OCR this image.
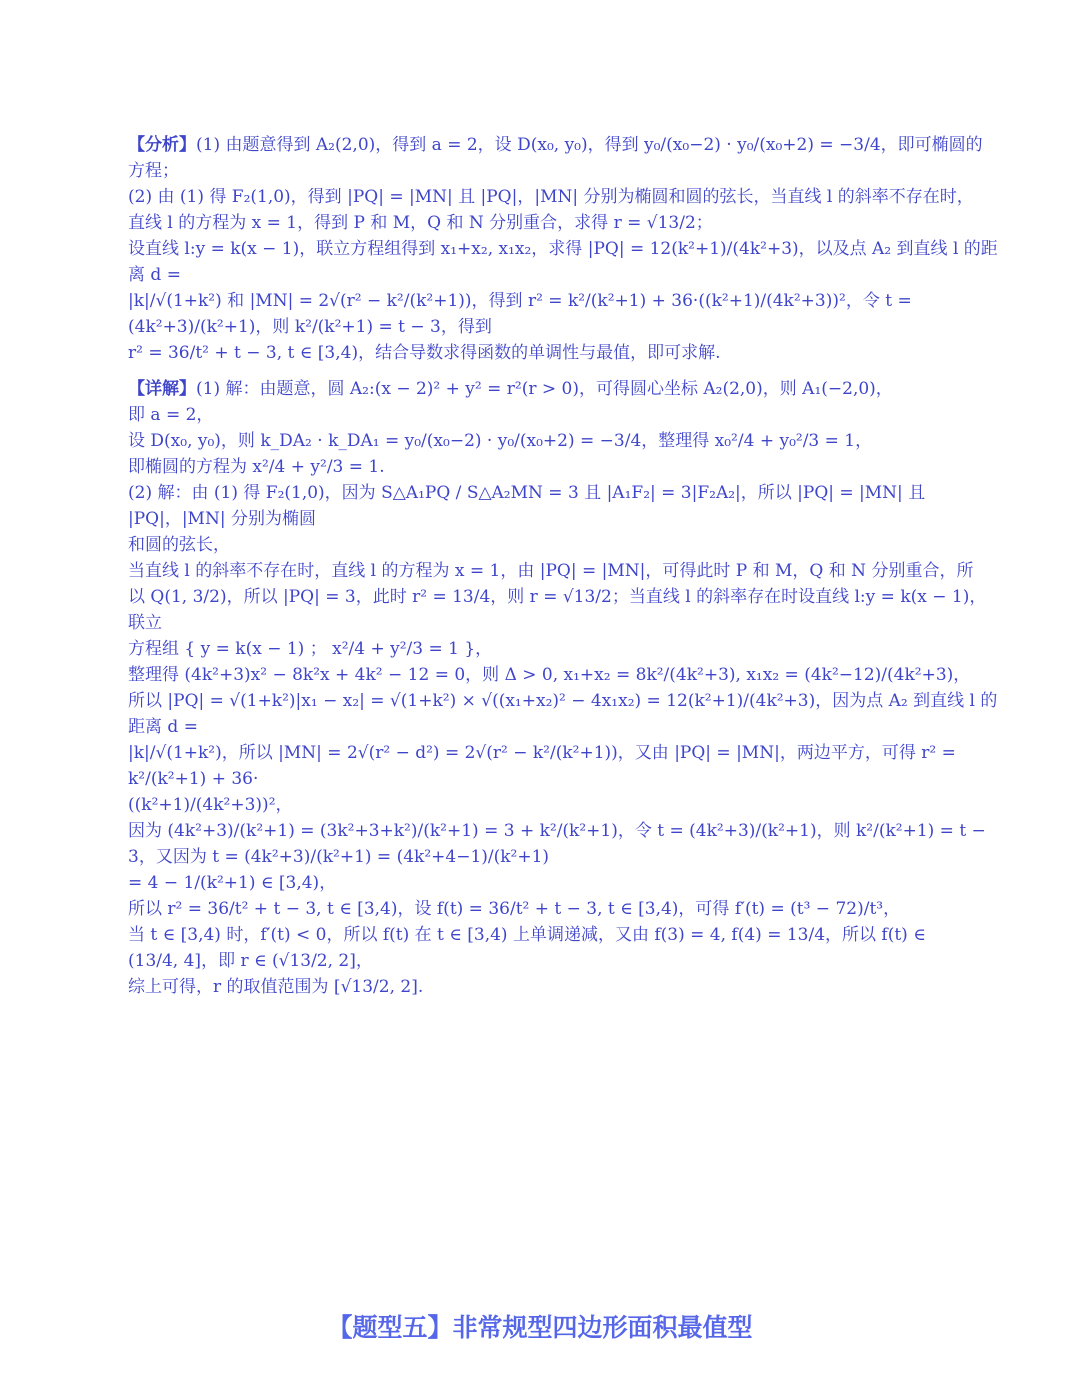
【分析】(1) 由题意得到 A₂(2,0)，得到 a = 2，设 D(x₀, y₀)，得到 y₀/(x₀−2) · y₀/(x₀+2) = −3/4，即可椭圆的方程；

(2) 由 (1) 得 F₂(1,0)，得到 |PQ| = |MN| 且 |PQ|，|MN| 分别为椭圆和圆的弦长，当直线 l 的斜率不存在时，

直线 l 的方程为 x = 1，得到 P 和 M，Q 和 N 分别重合，求得 r = √13/2；

设直线 l:y = k(x − 1)，联立方程组得到 x₁+x₂, x₁x₂，求得 |PQ| = 12(k²+1)/(4k²+3)，以及点 A₂ 到直线 l 的距离 d =

|k|/√(1+k²) 和 |MN| = 2√(r² − k²/(k²+1))，得到 r² = k²/(k²+1) + 36·((k²+1)/(4k²+3))²，令 t = (4k²+3)/(k²+1)，则 k²/(k²+1) = t − 3，得到

r² = 36/t² + t − 3, t ∈ [3,4)，结合导数求得函数的单调性与最值，即可求解.

【详解】(1) 解：由题意，圆 A₂:(x − 2)² + y² = r²(r > 0)，可得圆心坐标 A₂(2,0)，则 A₁(−2,0)，

即 a = 2，

设 D(x₀, y₀)，则 k_DA₂ · k_DA₁ = y₀/(x₀−2) · y₀/(x₀+2) = −3/4，整理得 x₀²/4 + y₀²/3 = 1，

即椭圆的方程为 x²/4 + y²/3 = 1.

(2) 解：由 (1) 得 F₂(1,0)，因为 S△A₁PQ / S△A₂MN = 3 且 |A₁F₂| = 3|F₂A₂|，所以 |PQ| = |MN| 且 |PQ|，|MN| 分别为椭圆

和圆的弦长，

当直线 l 的斜率不存在时，直线 l 的方程为 x = 1，由 |PQ| = |MN|，可得此时 P 和 M，Q 和 N 分别重合，所

以 Q(1, 3/2)，所以 |PQ| = 3，此时 r² = 13/4，则 r = √13/2；当直线 l 的斜率存在时设直线 l:y = k(x − 1)，联立

方程组 { y = k(x − 1) ； x²/4 + y²/3 = 1 }，

整理得 (4k²+3)x² − 8k²x + 4k² − 12 = 0，则 Δ > 0, x₁+x₂ = 8k²/(4k²+3), x₁x₂ = (4k²−12)/(4k²+3)，

所以 |PQ| = √(1+k²)|x₁ − x₂| = √(1+k²) × √((x₁+x₂)² − 4x₁x₂) = 12(k²+1)/(4k²+3)，因为点 A₂ 到直线 l 的距离 d =

|k|/√(1+k²)，所以 |MN| = 2√(r² − d²) = 2√(r² − k²/(k²+1))，又由 |PQ| = |MN|，两边平方，可得 r² = k²/(k²+1) + 36·

((k²+1)/(4k²+3))²，

因为 (4k²+3)/(k²+1) = (3k²+3+k²)/(k²+1) = 3 + k²/(k²+1)，令 t = (4k²+3)/(k²+1)，则 k²/(k²+1) = t − 3，又因为 t = (4k²+3)/(k²+1) = (4k²+4−1)/(k²+1)

= 4 − 1/(k²+1) ∈ [3,4)，

所以 r² = 36/t² + t − 3, t ∈ [3,4)，设 f(t) = 36/t² + t − 3, t ∈ [3,4)，可得 f′(t) = (t³ − 72)/t³，

当 t ∈ [3,4) 时，f′(t) < 0，所以 f(t) 在 t ∈ [3,4) 上单调递减，又由 f(3) = 4, f(4) = 13/4，所以 f(t) ∈

(13/4, 4]，即 r ∈ (√13/2, 2]，

综上可得，r 的取值范围为 [√13/2, 2].

【题型五】非常规型四边形面积最值型
